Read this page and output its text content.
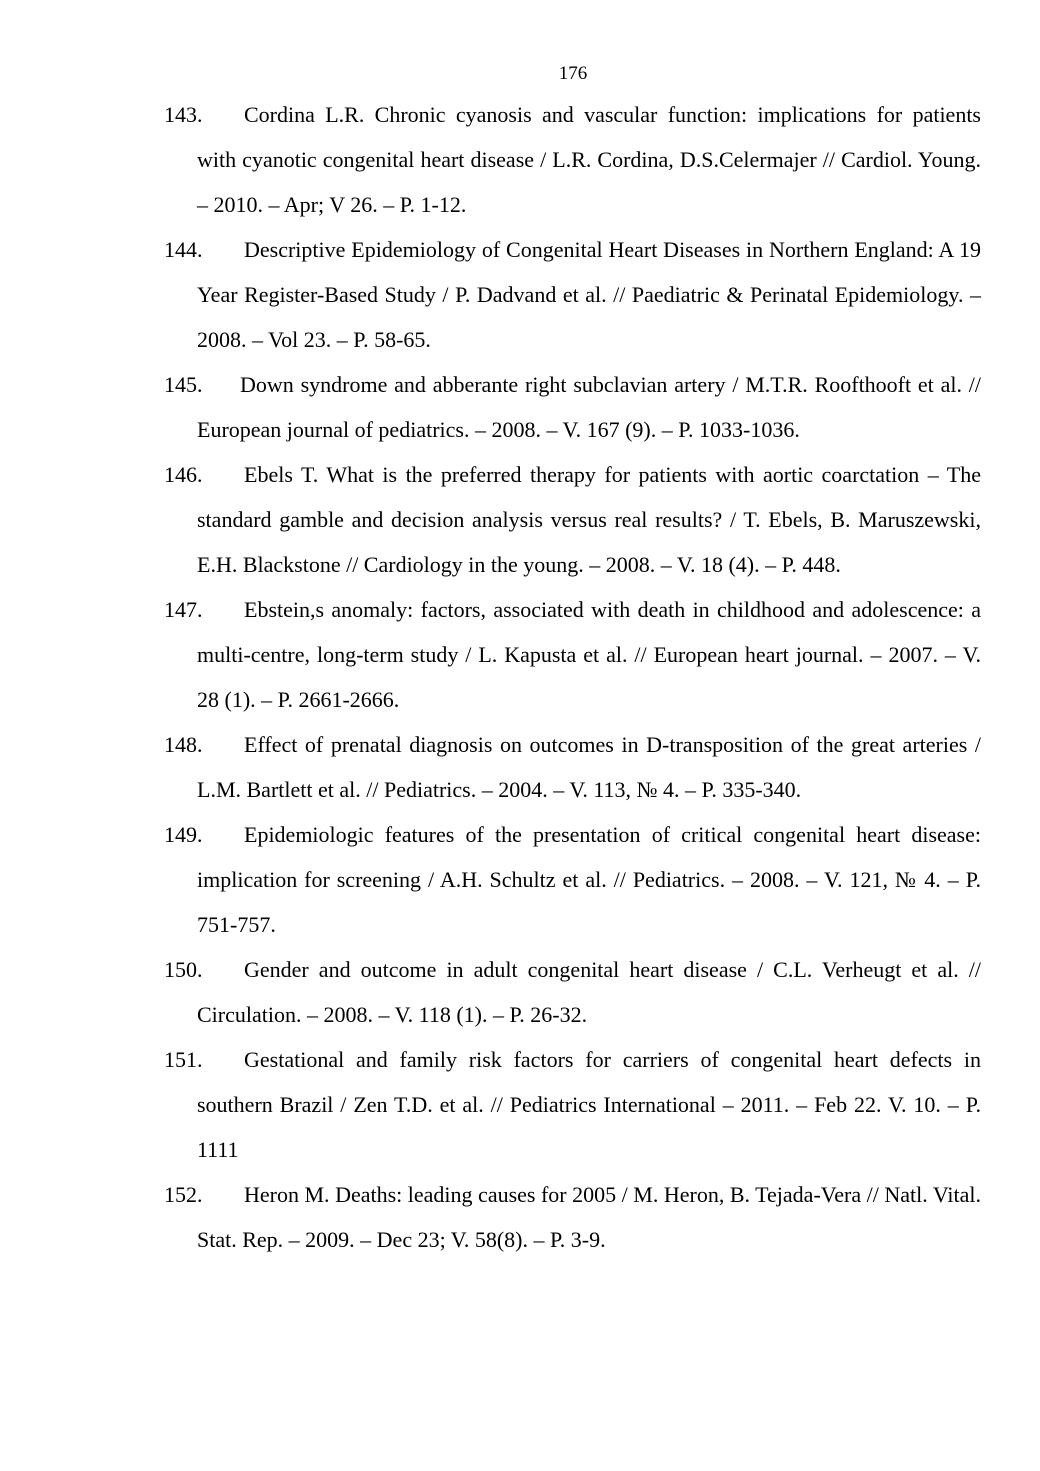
176
143.	Cordina L.R. Chronic cyanosis and vascular function: implications for patients with cyanotic congenital heart disease / L.R. Cordina, D.S.Celermajer // Cardiol. Young. – 2010. – Apr; V 26. – P. 1-12.
144.	Descriptive Epidemiology of Congenital Heart Diseases in Northern England: A 19 Year Register-Based Study / P. Dadvand et al. // Paediatric & Perinatal Epidemiology. – 2008. – Vol 23. – P. 58-65.
145.	Down syndrome and abberante right subclavian artery / M.T.R. Roofthooft et al. // European journal of pediatrics. – 2008. – V. 167 (9). – P. 1033-1036.
146.	Ebels T. What is the preferred therapy for patients with aortic coarctation – The standard gamble and decision analysis versus real results? / T. Ebels, B. Maruszewski, E.H. Blackstone // Cardiology in the young. – 2008. – V. 18 (4). – P. 448.
147.	Ebstein,s anomaly: factors, associated with death in childhood and adolescence: a multi-centre, long-term study / L. Kapusta et al. // European heart journal. – 2007. – V. 28 (1). – P. 2661-2666.
148.	Effect of prenatal diagnosis on outcomes in D-transposition of the great arteries / L.M. Bartlett et al. // Pediatrics. – 2004. – V. 113, № 4. – P. 335-340.
149.	Epidemiologic features of the presentation of critical congenital heart disease: implication for screening / A.H. Schultz et al. // Pediatrics. – 2008. – V. 121, № 4. – P. 751-757.
150.	Gender and outcome in adult congenital heart disease / C.L. Verheugt et al. // Circulation. – 2008. – V. 118 (1). – P. 26-32.
151.	Gestational and family risk factors for carriers of congenital heart defects in southern Brazil / Zen T.D. et al. // Pediatrics International – 2011. – Feb 22. V. 10. – P. 1111
152.	Heron M. Deaths: leading causes for 2005 / M. Heron, B. Tejada-Vera // Natl. Vital. Stat. Rep. – 2009. – Dec 23; V. 58(8). – P. 3-9.
